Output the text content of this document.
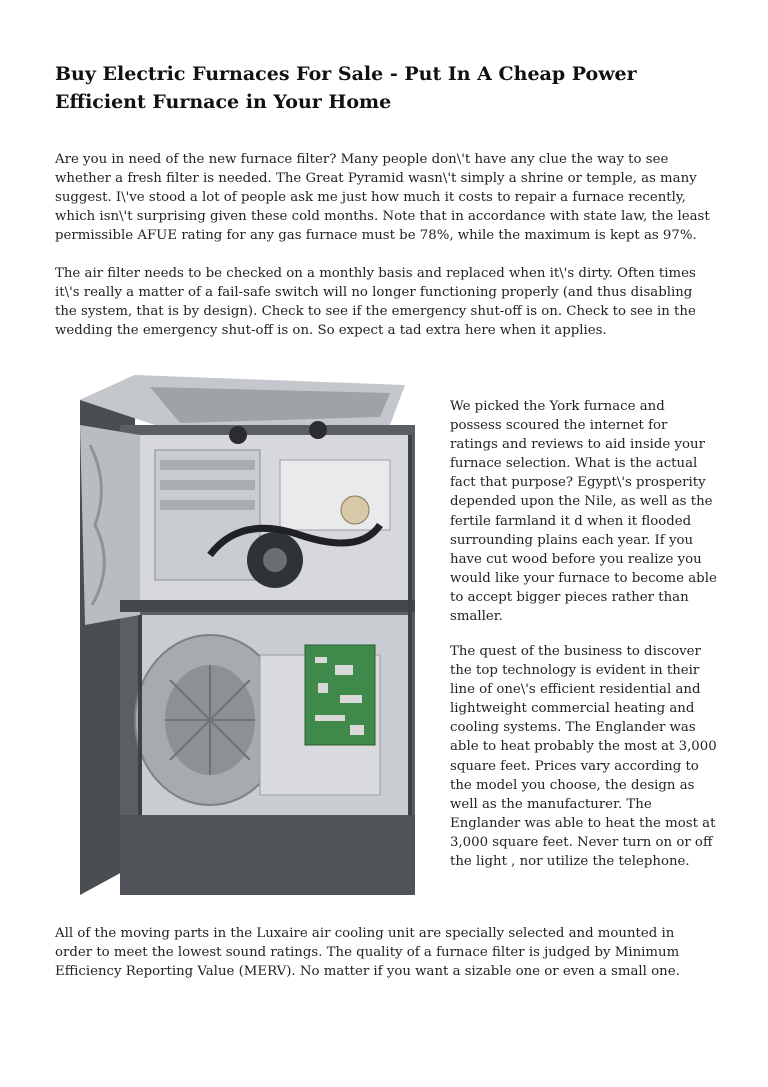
Buy Electric Furnaces For Sale - Put In A Cheap Power Efficient Furnace in Your Home

Are you in need of the new furnace filter? Many people don\'t have any clue the way to see whether a fresh filter is needed. The Great Pyramid wasn\'t simply a shrine or temple, as many suggest. I\'ve stood a lot of people ask me just how much it costs to repair a furnace recently, which isn\'t surprising given these cold months. Note that in accordance with state law, the least permissible AFUE rating for any gas furnace must be 78%, while the maximum is kept as 97%.

The air filter needs to be checked on a monthly basis and replaced when it\'s dirty. Often times it\'s really a matter of a fail-safe switch will no longer functioning properly (and thus disabling the system, that is by design). Check to see if the emergency shut-off is on. Check to see in the wedding the emergency shut-off is on. So expect a tad extra here when it applies.

We picked the York furnace and possess scoured the internet for ratings and reviews to aid inside your furnace selection. What is the actual fact that purpose? Egypt\'s prosperity depended upon the Nile, as well as the fertile farmland it d when it flooded surrounding plains each year. If you have cut wood before you realize you would like your furnace to become able to accept bigger pieces rather than smaller.

The quest of the business to discover the top technology is evident in their line of one\'s efficient residential and lightweight commercial heating and cooling systems. The Englander was able to heat probably the most at 3,000 square feet. Prices vary according to the model you choose, the design as well as the manufacturer. The Englander was able to heat the most at 3,000 square feet. Never turn on or off the light , nor utilize the telephone.

All of the moving parts in the Luxaire air cooling unit are specially selected and mounted in order to meet the lowest sound ratings. The quality of a furnace filter is judged by Minimum Efficiency Reporting Value (MERV). No matter if you want a sizable one or even a small one.
